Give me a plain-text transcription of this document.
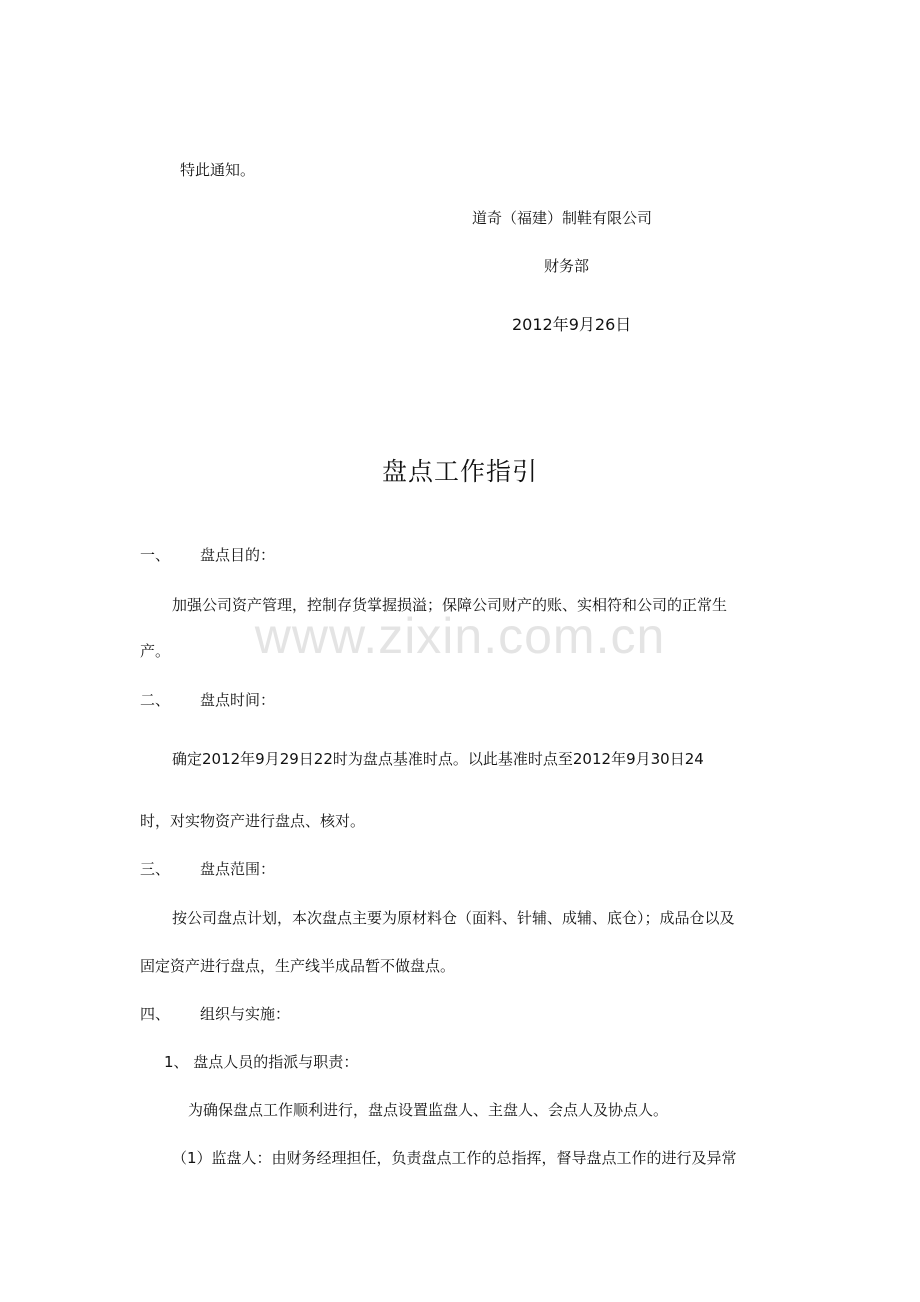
特此通知。
道奇（福建）制鞋有限公司
财务部
2012年9月26日
盘点工作指引
一、 盘点目的：
加强公司资产管理，控制存货掌握损溢；保障公司财产的账、实相符和公司的正常生
产。
二、 盘点时间：
确定2012年9月29日22时为盘点基准时点。以此基准时点至2012年9月30日24
时，对实物资产进行盘点、核对。
三、 盘点范围：
按公司盘点计划，本次盘点主要为原材料仓（面料、针辅、成辅、底仓）；成品仓以及
固定资产进行盘点，生产线半成品暂不做盘点。
四、 组织与实施：
1、 盘点人员的指派与职责：
为确保盘点工作顺利进行，盘点设置监盘人、主盘人、会点人及协点人。
（1）监盘人：由财务经理担任，负责盘点工作的总指挥，督导盘点工作的进行及异常
www.zixin.com.cn
